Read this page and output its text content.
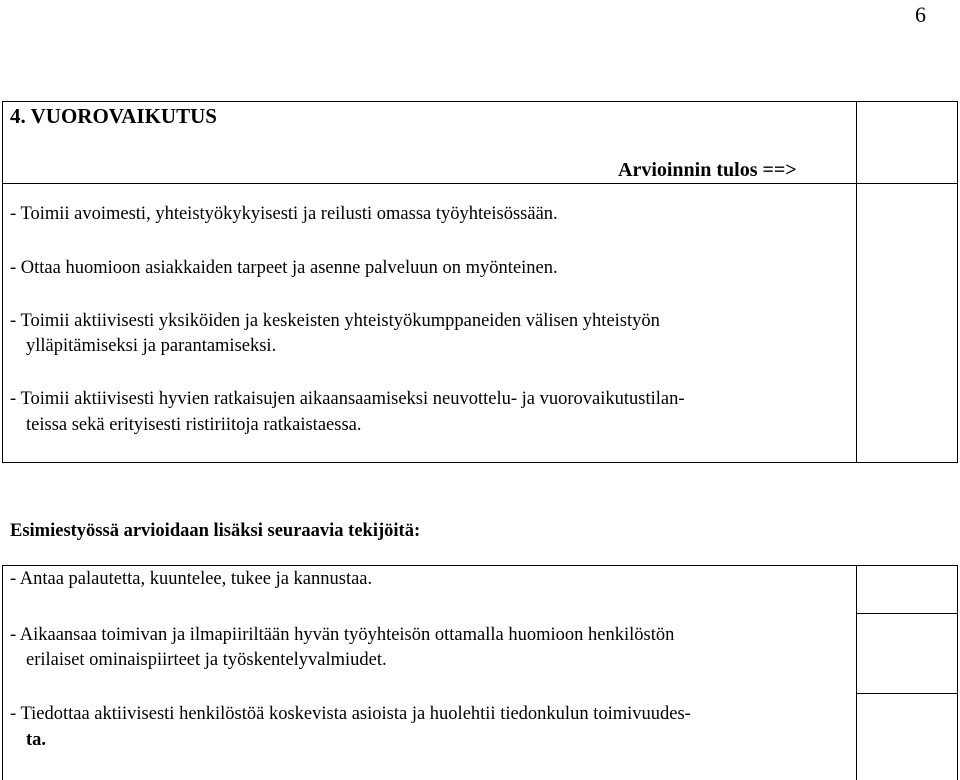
6
4. VUOROVAIKUTUS
Arvioinnin tulos ==>
- Toimii avoimesti, yhteistyökykyisesti ja reilusti omassa työyhteisössään.
- Ottaa huomioon asiakkaiden tarpeet ja asenne palveluun on myönteinen.
- Toimii aktiivisesti yksiköiden ja keskeisten yhteistyökumppaneiden välisen yhteistyön
ylläpitämiseksi ja parantamiseksi.
- Toimii aktiivisesti hyvien ratkaisujen aikaansaamiseksi neuvottelu- ja vuorovaikutustilan-
teissa sekä erityisesti ristiriitoja ratkaistaessa.
Esimiestyössä arvioidaan lisäksi seuraavia tekijöitä:
- Antaa palautetta, kuuntelee, tukee ja kannustaa.
- Aikaansaa toimivan ja ilmapiiriltään hyvän työyhteisön ottamalla huomioon henkilöstön
erilaiset ominaispiirteet ja työskentelyvalmiudet.
- Tiedottaa aktiivisesti henkilöstöä koskevista asioista ja huolehtii tiedonkulun toimivuudes-
ta.
